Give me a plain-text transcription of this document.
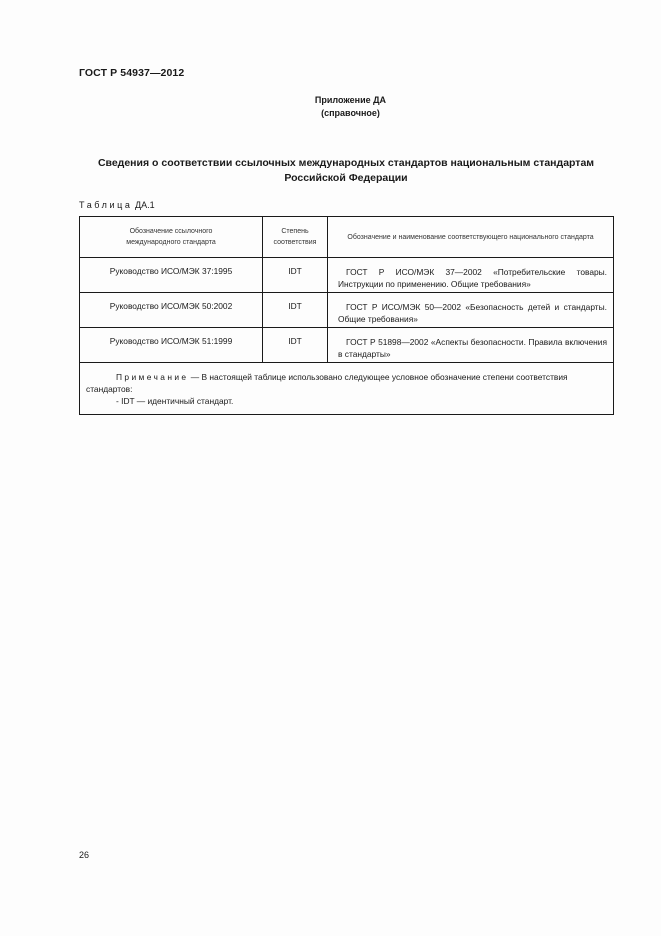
ГОСТ Р 54937—2012
Приложение ДА
(справочное)
Сведения о соответствии ссылочных международных стандартов национальным стандартам
Российской Федерации
Таблица ДА.1
Обозначение ссылочного международного стандарта	Степень соответствия	Обозначение и наименование соответствующего национального стандарта
Руководство ИСО/МЭК 37:1995	IDT	ГОСТ Р ИСО/МЭК 37—2002 «Потребительские товары. Инструкции по применению. Общие требования»
Руководство ИСО/МЭК 50:2002	IDT	ГОСТ Р ИСО/МЭК 50—2002 «Безопасность детей и стандарты. Общие требования»
Руководство ИСО/МЭК 51:1999	IDT	ГОСТ Р 51898—2002 «Аспекты безопасности. Правила включения в стандарты»

Примечание — В настоящей таблице использовано следующее условное обозначение степени соответствия стандартов:
- IDT — идентичный стандарт.		
26
